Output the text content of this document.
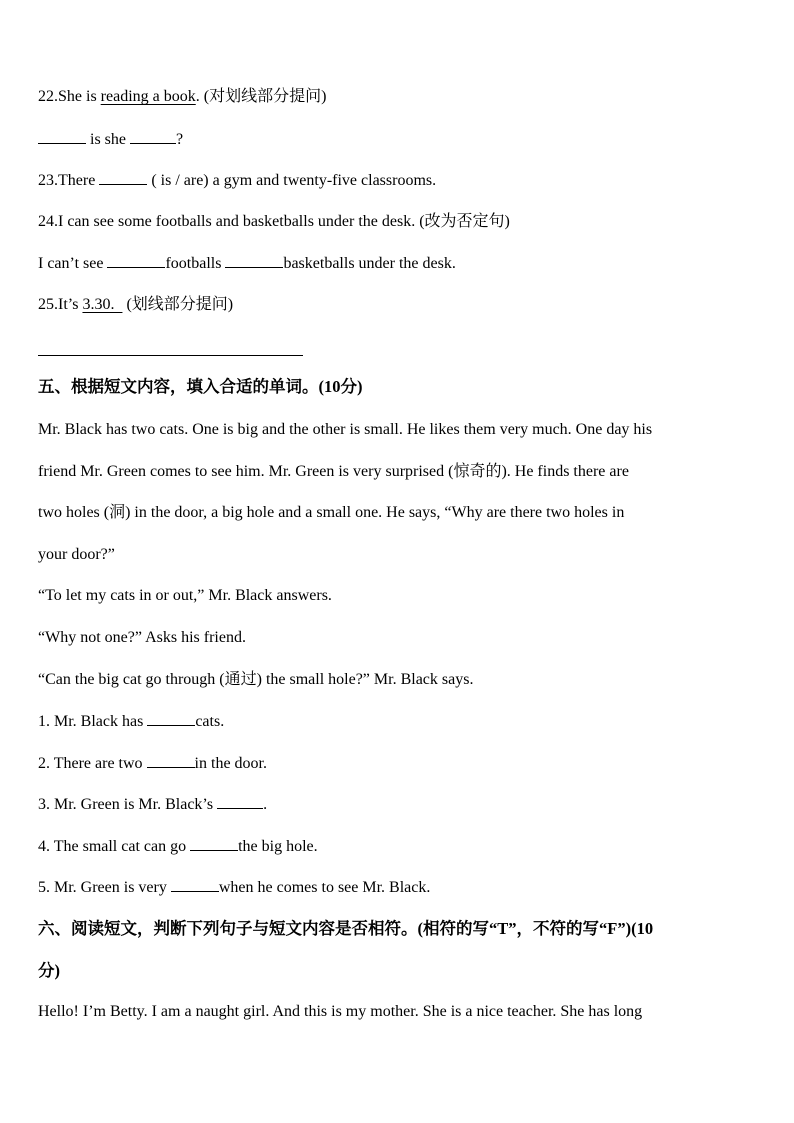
22.She is reading a book. (对划线部分提问)
is she	?
23.There	( is / are) a gym and twenty-five classrooms.
24.I can see some footballs and basketballs under the desk. (改为否定句)
I can’t see	footballs	basketballs under the desk.
25.It’s 3.30.   (划线部分提问)
五、根据短文内容，填入合适的单词。(10分)
Mr. Black has two cats. One is big and the other is small. He likes them very much. One day his
friend Mr. Green comes to see him. Mr. Green is very surprised (惊奇的). He finds there are
two holes (洞) in the door, a big hole and a small one. He says, “Why are there two holes in
your door?”
“To let my cats in or out,” Mr. Black answers.
“Why not one?” Asks his friend.
“Can the big cat go through (通过) the small hole?” Mr. Black says.
1. Mr. Black has	cats.
2. There are two	in the door.
3. Mr. Green is Mr. Black’s	.
4. The small cat can go	the big hole.
5. Mr. Green is very	when he comes to see Mr. Black.
六、阅读短文，判断下列句子与短文内容是否相符。(相符的写“T”，不符的写“F”)(10
分)
Hello! I’m Betty. I am a naught girl. And this is my mother. She is a nice teacher. She has long
